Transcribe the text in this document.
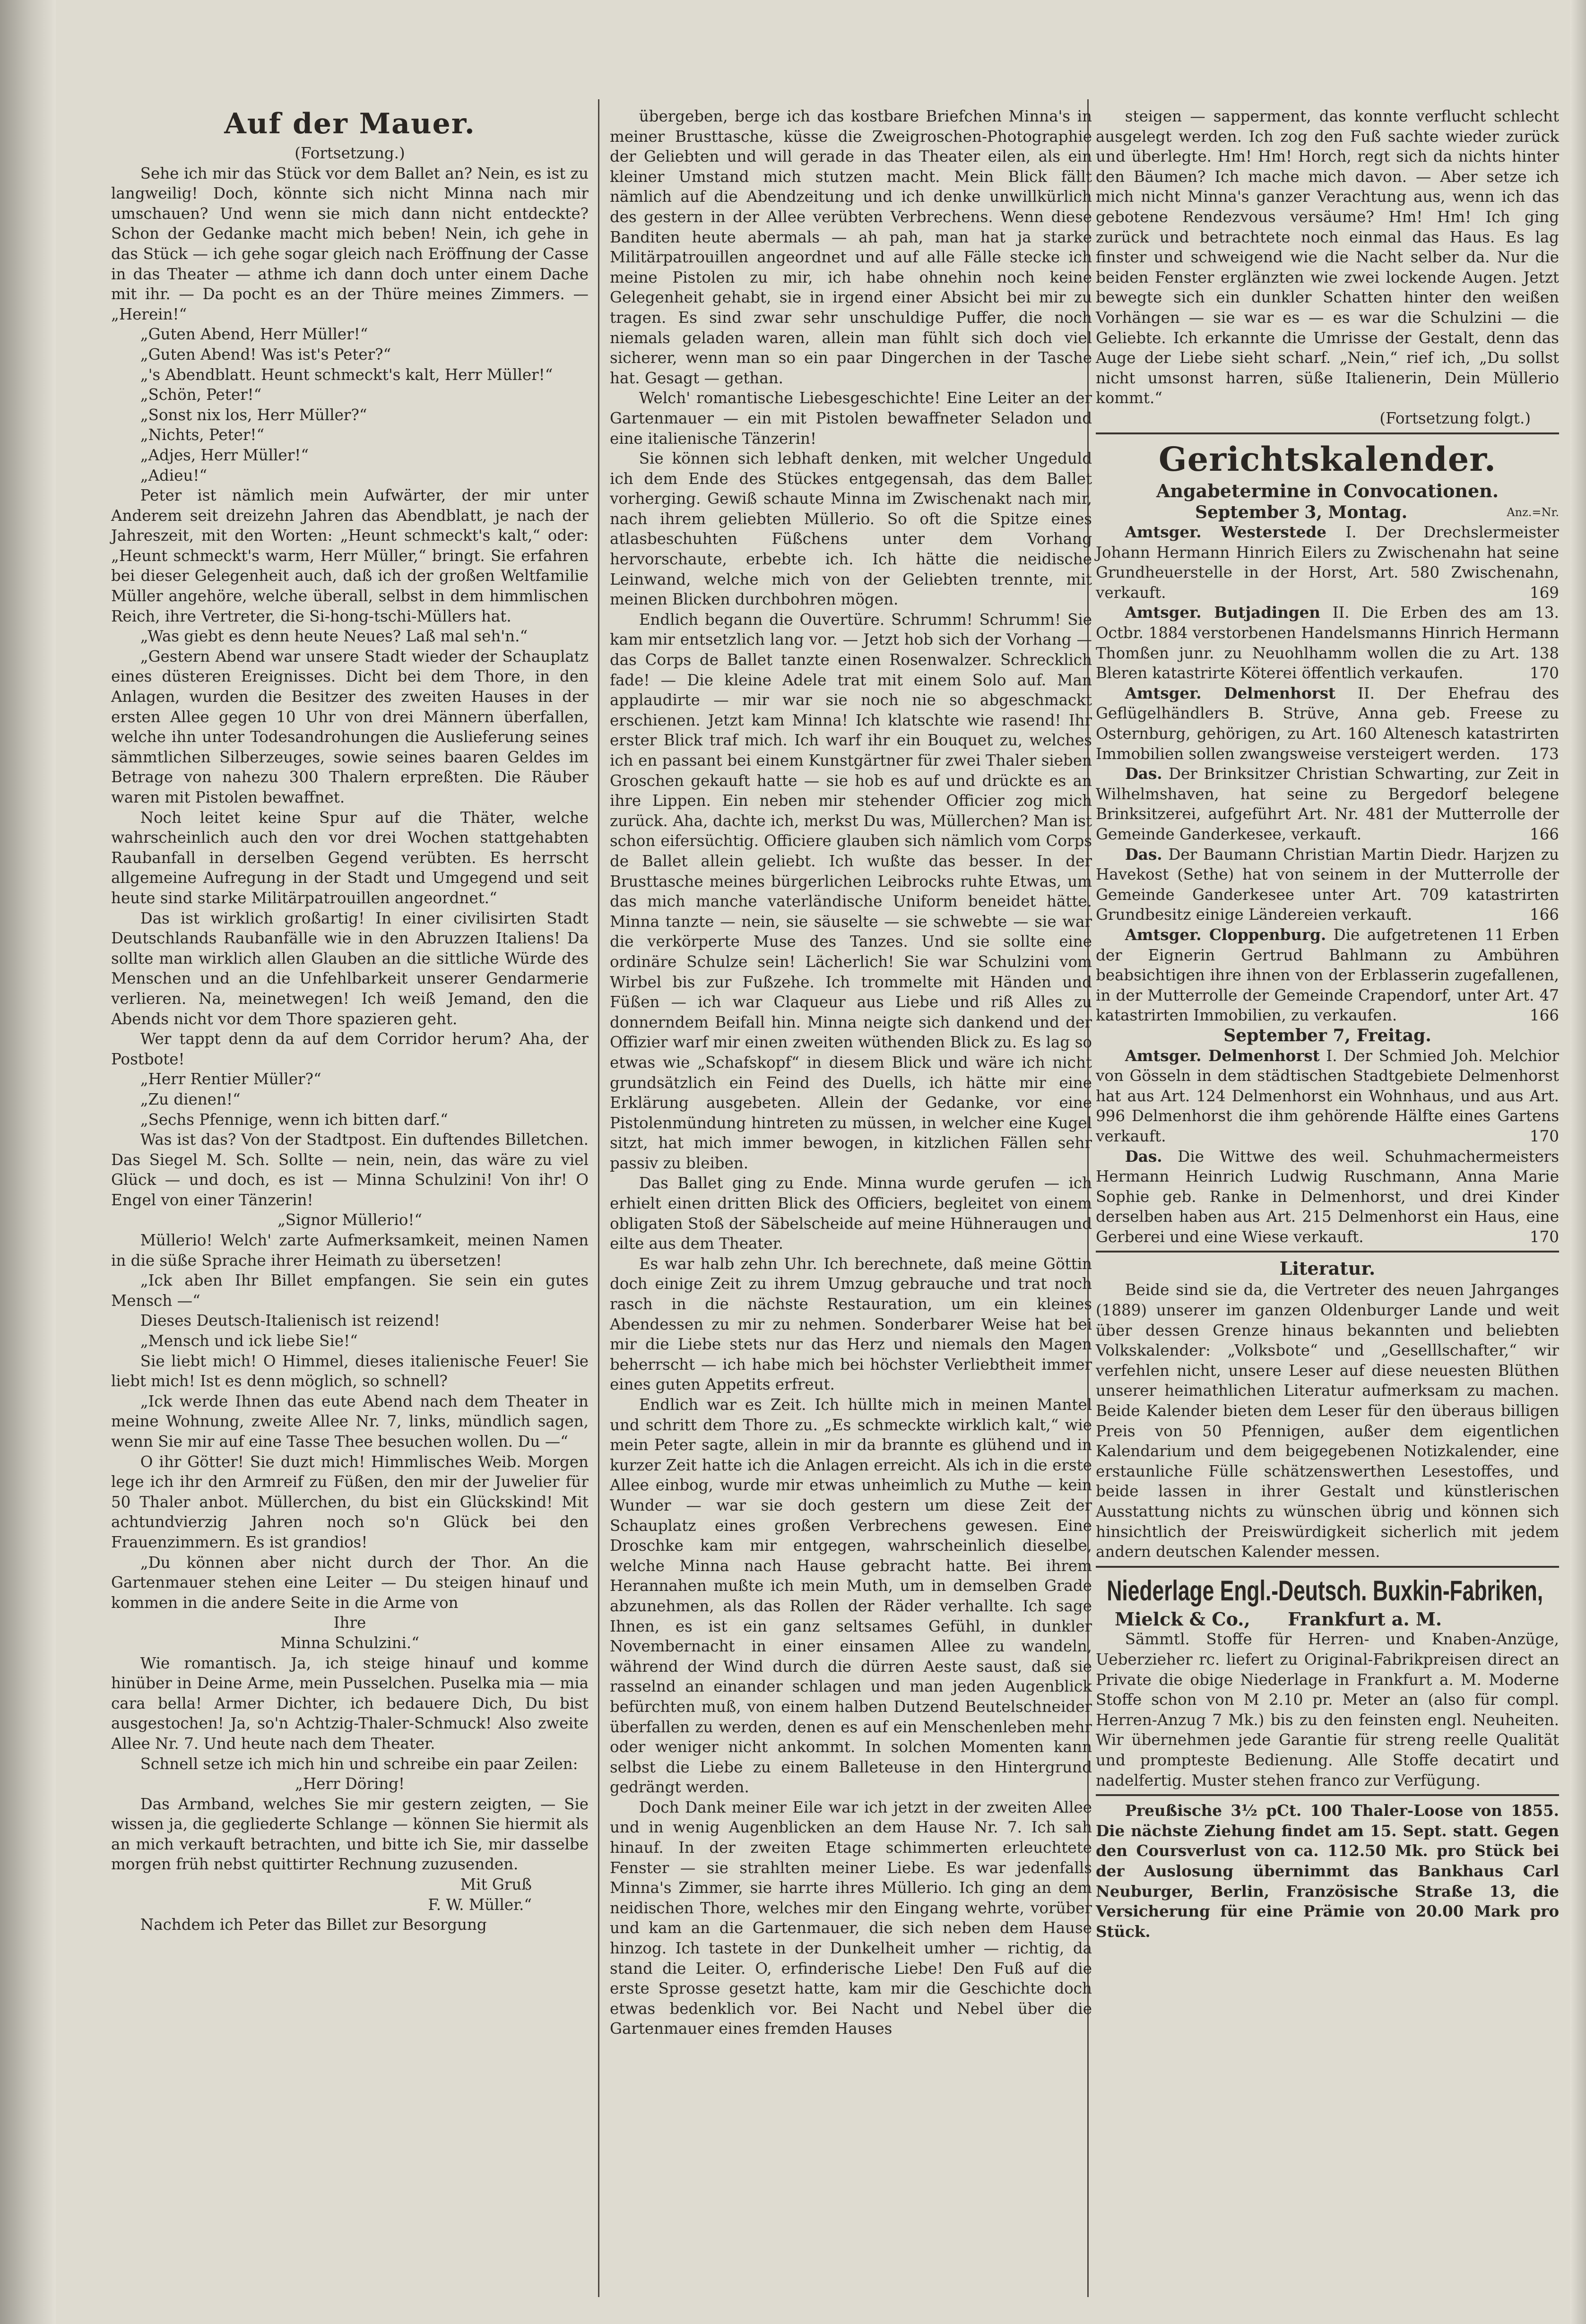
Auf der Mauer.

(Fortsetzung.)

Sehe ich mir das Stück vor dem Ballet an? Nein, es ist zu langweilig! Doch, könnte sich nicht Minna nach mir umschauen? Und wenn sie mich dann nicht entdeckte? Schon der Gedanke macht mich beben! Nein, ich gehe in das Stück — ich gehe sogar gleich nach Eröffnung der Casse in das Theater — athme ich dann doch unter einem Dache mit ihr. — Da pocht es an der Thüre meines Zimmers. — „Herein!“

„Guten Abend, Herr Müller!“

„Guten Abend! Was ist's Peter?“

„'s Abendblatt. Heunt schmeckt's kalt, Herr Müller!“

„Schön, Peter!“

„Sonst nix los, Herr Müller?“

„Nichts, Peter!“

„Adjes, Herr Müller!“

„Adieu!“

Peter ist nämlich mein Aufwärter, der mir unter Anderem seit dreizehn Jahren das Abendblatt, je nach der Jahreszeit, mit den Worten: „Heunt schmeckt's kalt,“ oder: „Heunt schmeckt's warm, Herr Müller,“ bringt. Sie erfahren bei dieser Gelegenheit auch, daß ich der großen Weltfamilie Müller angehöre, welche überall, selbst in dem himmlischen Reich, ihre Vertreter, die Si-hong-tschi-Müllers hat.

„Was giebt es denn heute Neues? Laß mal seh'n.“

„Gestern Abend war unsere Stadt wieder der Schauplatz eines düsteren Ereignisses. Dicht bei dem Thore, in den Anlagen, wurden die Besitzer des zweiten Hauses in der ersten Allee gegen 10 Uhr von drei Männern überfallen, welche ihn unter Todesandrohungen die Auslieferung seines sämmtlichen Silberzeuges, sowie seines baaren Geldes im Betrage von nahezu 300 Thalern erpreßten. Die Räuber waren mit Pistolen bewaffnet.

Noch leitet keine Spur auf die Thäter, welche wahrscheinlich auch den vor drei Wochen stattgehabten Raubanfall in derselben Gegend verübten. Es herrscht allgemeine Aufregung in der Stadt und Umgegend und seit heute sind starke Militärpatrouillen angeordnet.“

Das ist wirklich großartig! In einer civilisirten Stadt Deutschlands Raubanfälle wie in den Abruzzen Italiens! Da sollte man wirklich allen Glauben an die sittliche Würde des Menschen und an die Unfehlbarkeit unserer Gendarmerie verlieren. Na, meinetwegen! Ich weiß Jemand, den die Abends nicht vor dem Thore spazieren geht.

Wer tappt denn da auf dem Corridor herum? Aha, der Postbote!

„Herr Rentier Müller?“

„Zu dienen!“

„Sechs Pfennige, wenn ich bitten darf.“

Was ist das? Von der Stadtpost. Ein duftendes Billetchen. Das Siegel M. Sch. Sollte — nein, nein, das wäre zu viel Glück — und doch, es ist — Minna Schulzini! Von ihr! O Engel von einer Tänzerin!

„Signor Müllerio!“

Müllerio! Welch' zarte Aufmerksamkeit, meinen Namen in die süße Sprache ihrer Heimath zu übersetzen!

„Ick aben Ihr Billet empfangen. Sie sein ein gutes Mensch —“

Dieses Deutsch-Italienisch ist reizend!

„Mensch und ick liebe Sie!“

Sie liebt mich! O Himmel, dieses italienische Feuer! Sie liebt mich! Ist es denn möglich, so schnell?

„Ick werde Ihnen das eute Abend nach dem Theater in meine Wohnung, zweite Allee Nr. 7, links, mündlich sagen, wenn Sie mir auf eine Tasse Thee besuchen wollen. Du —“

O ihr Götter! Sie duzt mich! Himmlisches Weib. Morgen lege ich ihr den Armreif zu Füßen, den mir der Juwelier für 50 Thaler anbot. Müllerchen, du bist ein Glückskind! Mit achtundvierzig Jahren noch so'n Glück bei den Frauenzimmern. Es ist grandios!

„Du können aber nicht durch der Thor. An die Gartenmauer stehen eine Leiter — Du steigen hinauf und kommen in die andere Seite in die Arme von

Ihre

Minna Schulzini.“

Wie romantisch. Ja, ich steige hinauf und komme hinüber in Deine Arme, mein Pusselchen. Puselka mia — mia cara bella! Armer Dichter, ich bedauere Dich, Du bist ausgestochen! Ja, so'n Achtzig-Thaler-Schmuck! Also zweite Allee Nr. 7. Und heute nach dem Theater.

Schnell setze ich mich hin und schreibe ein paar Zeilen:

„Herr Döring!

Das Armband, welches Sie mir gestern zeigten, — Sie wissen ja, die gegliederte Schlange — können Sie hiermit als an mich verkauft betrachten, und bitte ich Sie, mir dasselbe morgen früh nebst quittirter Rechnung zuzusenden.

Mit Gruß

F. W. Müller.“

Nachdem ich Peter das Billet zur Besorgung

übergeben, berge ich das kostbare Briefchen Minna's in meiner Brusttasche, küsse die Zweigroschen-Photographie der Geliebten und will gerade in das Theater eilen, als ein kleiner Umstand mich stutzen macht. Mein Blick fällt nämlich auf die Abendzeitung und ich denke unwillkürlich des gestern in der Allee verübten Verbrechens. Wenn diese Banditen heute abermals — ah pah, man hat ja starke Militärpatrouillen angeordnet und auf alle Fälle stecke ich meine Pistolen zu mir, ich habe ohnehin noch keine Gelegenheit gehabt, sie in irgend einer Absicht bei mir zu tragen. Es sind zwar sehr unschuldige Puffer, die noch niemals geladen waren, allein man fühlt sich doch viel sicherer, wenn man so ein paar Dingerchen in der Tasche hat. Gesagt — gethan.

Welch' romantische Liebesgeschichte! Eine Leiter an der Gartenmauer — ein mit Pistolen bewaffneter Seladon und eine italienische Tänzerin!

Sie können sich lebhaft denken, mit welcher Ungeduld ich dem Ende des Stückes entgegensah, das dem Ballet vorherging. Gewiß schaute Minna im Zwischenakt nach mir, nach ihrem geliebten Müllerio. So oft die Spitze eines atlasbeschuhten Füßchens unter dem Vorhang hervorschaute, erbebte ich. Ich hätte die neidische Leinwand, welche mich von der Geliebten trennte, mit meinen Blicken durchbohren mögen.

Endlich begann die Ouvertüre. Schrumm! Schrumm! Sie kam mir entsetzlich lang vor. — Jetzt hob sich der Vorhang — das Corps de Ballet tanzte einen Rosenwalzer. Schrecklich fade! — Die kleine Adele trat mit einem Solo auf. Man applaudirte — mir war sie noch nie so abgeschmackt erschienen. Jetzt kam Minna! Ich klatschte wie rasend! Ihr erster Blick traf mich. Ich warf ihr ein Bouquet zu, welches ich en passant bei einem Kunstgärtner für zwei Thaler sieben Groschen gekauft hatte — sie hob es auf und drückte es an ihre Lippen. Ein neben mir stehender Officier zog mich zurück. Aha, dachte ich, merkst Du was, Müllerchen? Man ist schon eifersüchtig. Officiere glauben sich nämlich vom Corps de Ballet allein geliebt. Ich wußte das besser. In der Brusttasche meines bürgerlichen Leibrocks ruhte Etwas, um das mich manche vaterländische Uniform beneidet hätte. Minna tanzte — nein, sie säuselte — sie schwebte — sie war die verkörperte Muse des Tanzes. Und sie sollte eine ordinäre Schulze sein! Lächerlich! Sie war Schulzini vom Wirbel bis zur Fußzehe. Ich trommelte mit Händen und Füßen — ich war Claqueur aus Liebe und riß Alles zu donnerndem Beifall hin. Minna neigte sich dankend und der Offizier warf mir einen zweiten wüthenden Blick zu. Es lag so etwas wie „Schafskopf“ in diesem Blick und wäre ich nicht grundsätzlich ein Feind des Duells, ich hätte mir eine Erklärung ausgebeten. Allein der Gedanke, vor eine Pistolenmündung hintreten zu müssen, in welcher eine Kugel sitzt, hat mich immer bewogen, in kitzlichen Fällen sehr passiv zu bleiben.

Das Ballet ging zu Ende. Minna wurde gerufen — ich erhielt einen dritten Blick des Officiers, begleitet von einem obligaten Stoß der Säbelscheide auf meine Hühneraugen und eilte aus dem Theater.

Es war halb zehn Uhr. Ich berechnete, daß meine Göttin doch einige Zeit zu ihrem Umzug gebrauche und trat noch rasch in die nächste Restauration, um ein kleines Abendessen zu mir zu nehmen. Sonderbarer Weise hat bei mir die Liebe stets nur das Herz und niemals den Magen beherrscht — ich habe mich bei höchster Verliebtheit immer eines guten Appetits erfreut.

Endlich war es Zeit. Ich hüllte mich in meinen Mantel und schritt dem Thore zu. „Es schmeckte wirklich kalt,“ wie mein Peter sagte, allein in mir da brannte es glühend und in kurzer Zeit hatte ich die Anlagen erreicht. Als ich in die erste Allee einbog, wurde mir etwas unheimlich zu Muthe — kein Wunder — war sie doch gestern um diese Zeit der Schauplatz eines großen Verbrechens gewesen. Eine Droschke kam mir entgegen, wahrscheinlich dieselbe, welche Minna nach Hause gebracht hatte. Bei ihrem Herannahen mußte ich mein Muth, um in demselben Grade abzunehmen, als das Rollen der Räder verhallte. Ich sage Ihnen, es ist ein ganz seltsames Gefühl, in dunkler Novembernacht in einer einsamen Allee zu wandeln, während der Wind durch die dürren Aeste saust, daß sie rasselnd an einander schlagen und man jeden Augenblick befürchten muß, von einem halben Dutzend Beutelschneider überfallen zu werden, denen es auf ein Menschenleben mehr oder weniger nicht ankommt. In solchen Momenten kann selbst die Liebe zu einem Balleteuse in den Hintergrund gedrängt werden.

Doch Dank meiner Eile war ich jetzt in der zweiten Allee und in wenig Augenblicken an dem Hause Nr. 7. Ich sah hinauf. In der zweiten Etage schimmerten erleuchtete Fenster — sie strahlten meiner Liebe. Es war jedenfalls Minna's Zimmer, sie harrte ihres Müllerio. Ich ging an dem neidischen Thore, welches mir den Eingang wehrte, vorüber und kam an die Gartenmauer, die sich neben dem Hause hinzog. Ich tastete in der Dunkelheit umher — richtig, da stand die Leiter. O, erfinderische Liebe! Den Fuß auf die erste Sprosse gesetzt hatte, kam mir die Geschichte doch etwas bedenklich vor. Bei Nacht und Nebel über die Gartenmauer eines fremden Hauses

steigen — sapperment, das konnte verflucht schlecht ausgelegt werden. Ich zog den Fuß sachte wieder zurück und überlegte. Hm! Hm! Horch, regt sich da nichts hinter den Bäumen? Ich mache mich davon. — Aber setze ich mich nicht Minna's ganzer Verachtung aus, wenn ich das gebotene Rendezvous versäume? Hm! Hm! Ich ging zurück und betrachtete noch einmal das Haus. Es lag finster und schweigend wie die Nacht selber da. Nur die beiden Fenster erglänzten wie zwei lockende Augen. Jetzt bewegte sich ein dunkler Schatten hinter den weißen Vorhängen — sie war es — es war die Schulzini — die Geliebte. Ich erkannte die Umrisse der Gestalt, denn das Auge der Liebe sieht scharf. „Nein,“ rief ich, „Du sollst nicht umsonst harren, süße Italienerin, Dein Müllerio kommt.“

(Fortsetzung folgt.)

Gerichtskalender.
Angabetermine in Convocationen.
Anz.=Nr.

September 3, Montag.

Amtsger. Westerstede I. Der Drechslermeister Johann Hermann Hinrich Eilers zu Zwischenahn hat seine Grundheuerstelle in der Horst, Art. 580 Zwischenahn, verkauft.	169

Amtsger. Butjadingen II. Die Erben des am 13. Octbr. 1884 verstorbenen Handelsmanns Hinrich Hermann Thomßen junr. zu Neuohlhamm wollen die zu Art. 138 Bleren katastrirte Köterei öffentlich verkaufen.	170

Amtsger. Delmenhorst II. Der Ehefrau des Geflügelhändlers B. Strüve, Anna geb. Freese zu Osternburg, gehörigen, zu Art. 160 Altenesch katastrirten Immobilien sollen zwangsweise versteigert werden.	173

Das. Der Brinksitzer Christian Schwarting, zur Zeit in Wilhelmshaven, hat seine zu Bergedorf belegene Brinksitzerei, aufgeführt Art. Nr. 481 der Mutterrolle der Gemeinde Ganderkesee, verkauft.	166

Das. Der Baumann Christian Martin Diedr. Harjzen zu Havekost (Sethe) hat von seinem in der Mutterrolle der Gemeinde Ganderkesee unter Art. 709 katastrirten Grundbesitz einige Ländereien verkauft.	166

Amtsger. Cloppenburg. Die aufgetretenen 11 Erben der Eignerin Gertrud Bahlmann zu Ambühren beabsichtigen ihre ihnen von der Erblasserin zugefallenen, in der Mutterrolle der Gemeinde Crapendorf, unter Art. 47 katastrirten Immobilien, zu verkaufen.	166

September 7, Freitag.

Amtsger. Delmenhorst I. Der Schmied Joh. Melchior von Gösseln in dem städtischen Stadtgebiete Delmenhorst hat aus Art. 124 Delmenhorst ein Wohnhaus, und aus Art. 996 Delmenhorst die ihm gehörende Hälfte eines Gartens verkauft.	170

Das. Die Wittwe des weil. Schuhmachermeisters Hermann Heinrich Ludwig Ruschmann, Anna Marie Sophie geb. Ranke in Delmenhorst, und drei Kinder derselben haben aus Art. 215 Delmenhorst ein Haus, eine Gerberei und eine Wiese verkauft.	170

Literatur.

Beide sind sie da, die Vertreter des neuen Jahrganges (1889) unserer im ganzen Oldenburger Lande und weit über dessen Grenze hinaus bekannten und beliebten Volkskalender: „Volksbote“ und „Geselllschafter,“ wir verfehlen nicht, unsere Leser auf diese neuesten Blüthen unserer heimathlichen Literatur aufmerksam zu machen. Beide Kalender bieten dem Leser für den überaus billigen Preis von 50 Pfennigen, außer dem eigentlichen Kalendarium und dem beigegebenen Notizkalender, eine erstaunliche Fülle schätzenswerthen Lesestoffes, und beide lassen in ihrer Gestalt und künstlerischen Ausstattung nichts zu wünschen übrig und können sich hinsichtlich der Preiswürdigkeit sicherlich mit jedem andern deutschen Kalender messen.

Niederlage Engl.-Deutsch. Buxkin-Fabriken,

Mielck & Co.,      Frankfurt a. M.

Sämmtl. Stoffe für Herren- und Knaben-Anzüge, Ueberzieher rc. liefert zu Original-Fabrikpreisen direct an Private die obige Niederlage in Frankfurt a. M. Moderne Stoffe schon von M 2.10 pr. Meter an (also für compl. Herren-Anzug 7 Mk.) bis zu den feinsten engl. Neuheiten. Wir übernehmen jede Garantie für streng reelle Qualität und prompteste Bedienung. Alle Stoffe decatirt und nadelfertig. Muster stehen franco zur Verfügung.

Preußische 3½ pCt. 100 Thaler-Loose von 1855. Die nächste Ziehung findet am 15. Sept. statt. Gegen den Coursverlust von ca. 112.50 Mk. pro Stück bei der Auslosung übernimmt das Bankhaus Carl Neuburger, Berlin, Französische Straße 13, die Versicherung für eine Prämie von 20.00 Mark pro Stück.
